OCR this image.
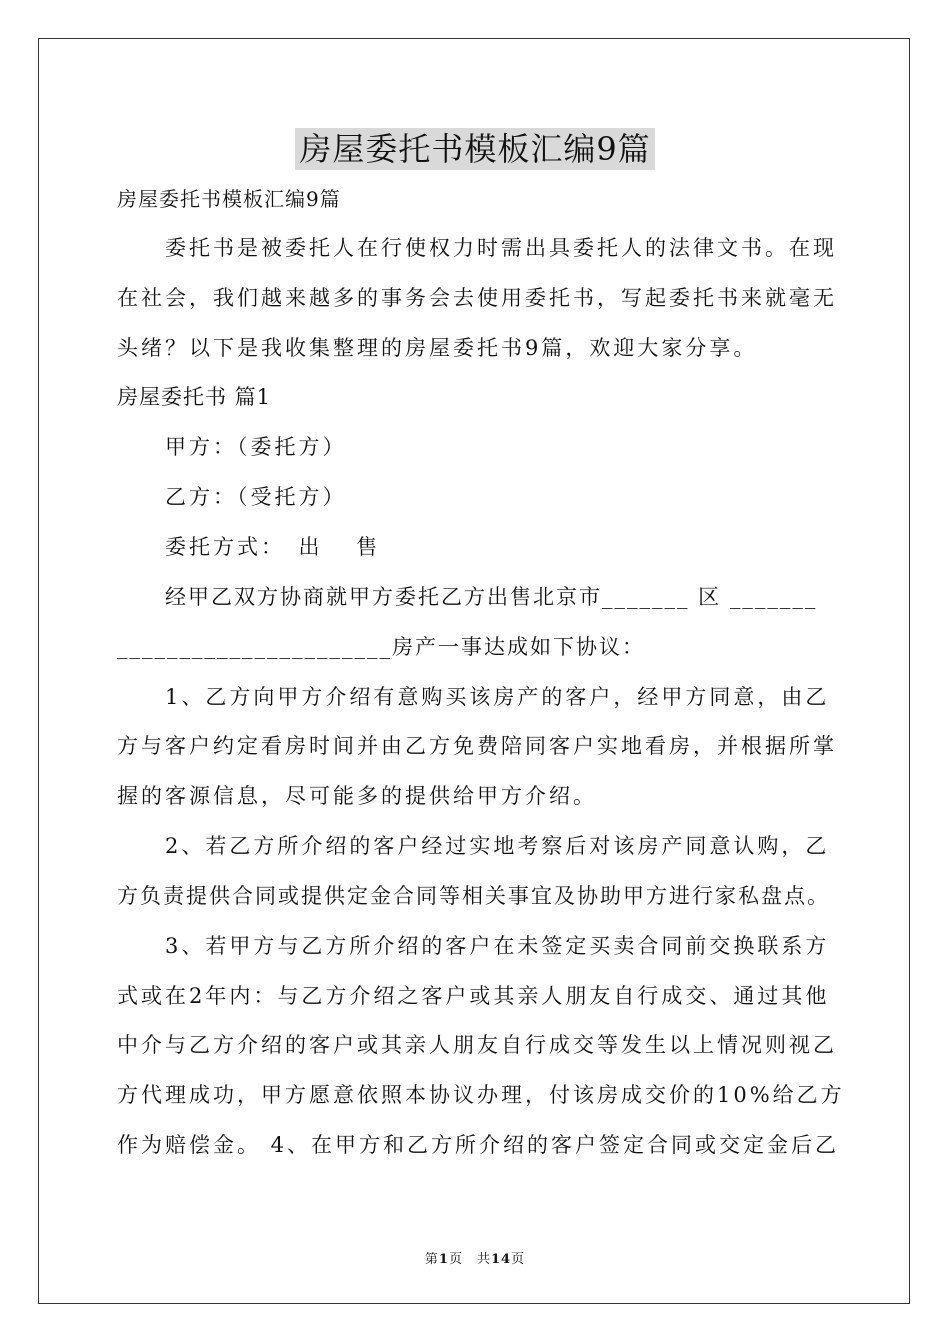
房屋委托书模板汇编9篇
房屋委托书模板汇编9篇
委托书是被委托人在行使权力时需出具委托人的法律文书。在现
在社会，我们越来越多的事务会去使用委托书，写起委托书来就毫无
头绪？以下是我收集整理的房屋委托书9篇，欢迎大家分享。
房屋委托书 篇1
甲方：（委托方）
乙方：（受托方）
委托方式：　出　 售
经甲乙双方协商就甲方委托乙方出售北京市_______ 区 _______
______________________房产一事达成如下协议：
1、乙方向甲方介绍有意购买该房产的客户，经甲方同意，由乙
方与客户约定看房时间并由乙方免费陪同客户实地看房，并根据所掌
握的客源信息，尽可能多的提供给甲方介绍。
2、若乙方所介绍的客户经过实地考察后对该房产同意认购，乙
方负责提供合同或提供定金合同等相关事宜及协助甲方进行家私盘点。
3、若甲方与乙方所介绍的客户在未签定买卖合同前交换联系方
式或在2年内：与乙方介绍之客户或其亲人朋友自行成交、通过其他
中介与乙方介绍的客户或其亲人朋友自行成交等发生以上情况则视乙
方代理成功，甲方愿意依照本协议办理，付该房成交价的10%给乙方
作为赔偿金。 4、在甲方和乙方所介绍的客户签定合同或交定金后乙
第1页　共14页
